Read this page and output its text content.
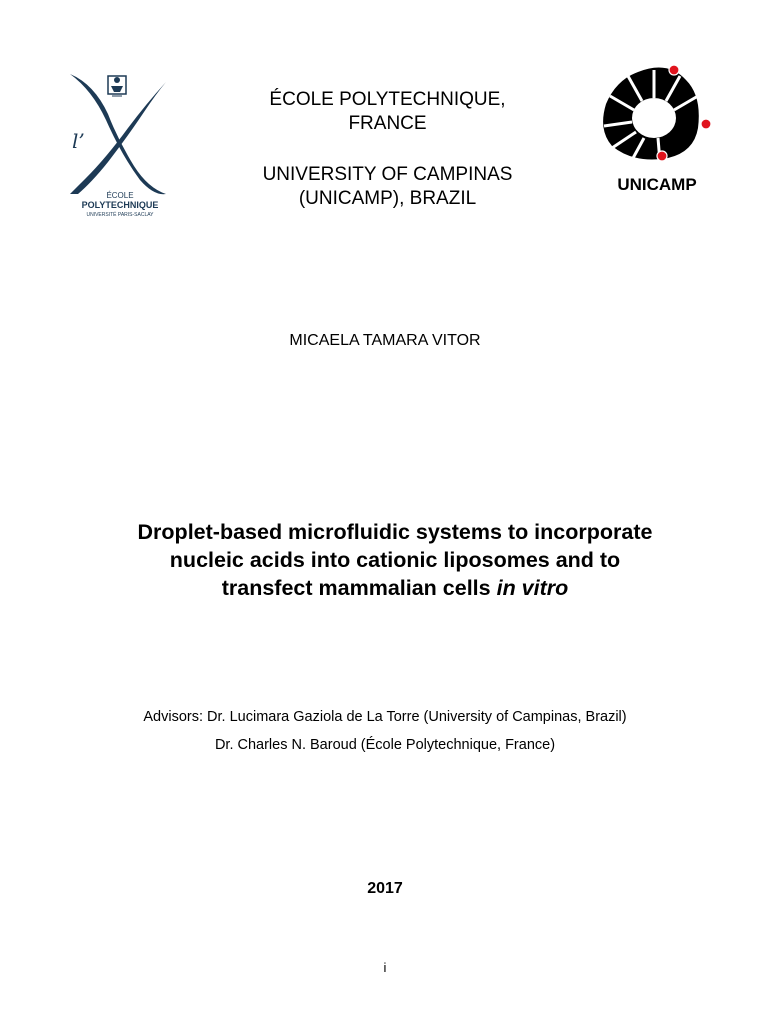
l’
ÉCOLE
POLYTECHNIQUE
UNIVERSITÉ PARIS-SACLAY

ÉCOLE POLYTECHNIQUE,

FRANCE

UNIVERSITY OF CAMPINAS

(UNICAMP), BRAZIL

UNICAMP
MICAELA TAMARA VITOR

Droplet-based microfluidic systems to incorporate

nucleic acids into cationic liposomes and to

transfect mammalian cells in vitro

Advisors: Dr. Lucimara Gaziola de La Torre (University of Campinas, Brazil)

Dr. Charles N. Baroud (École Polytechnique, France)

2017
i
